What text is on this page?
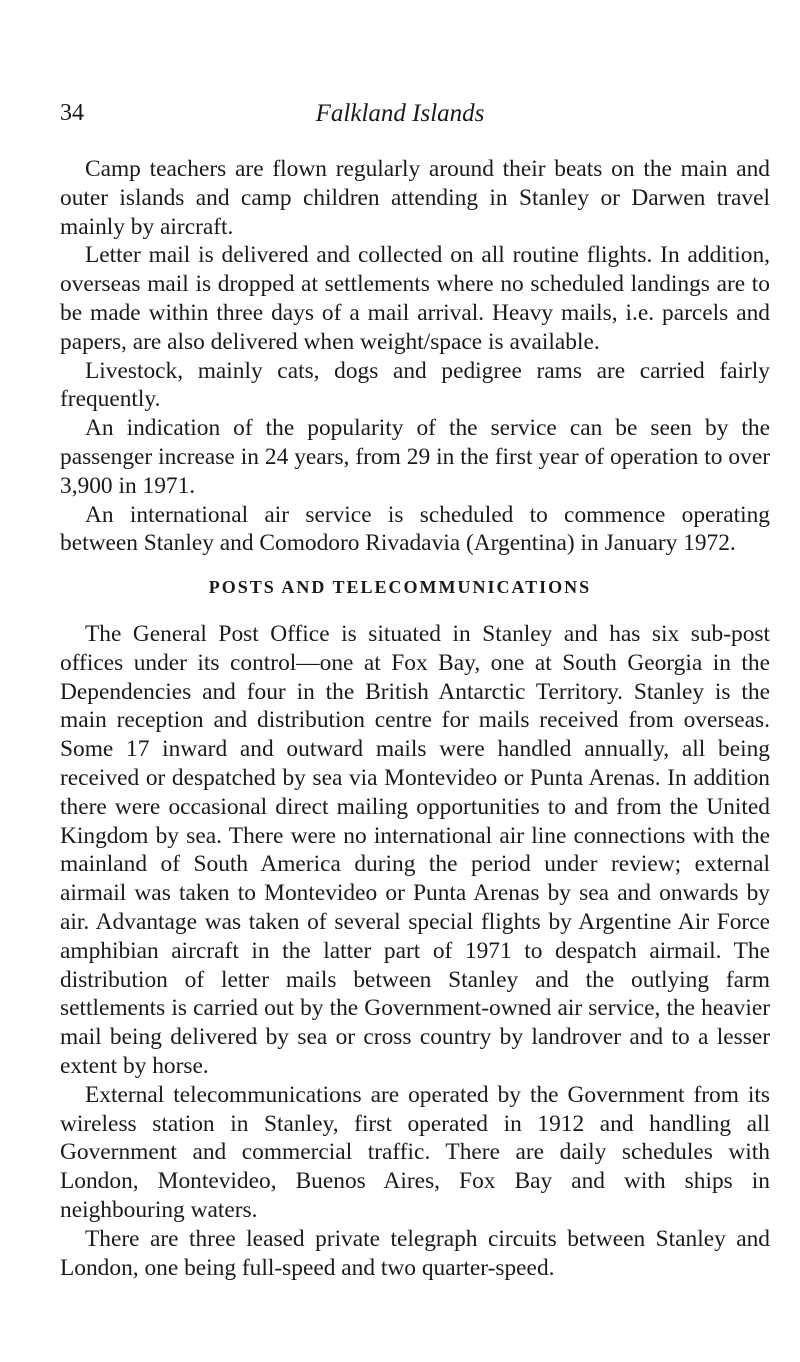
34	Falkland Islands

Camp teachers are flown regularly around their beats on the main and outer islands and camp children attending in Stanley or Darwen travel mainly by aircraft.

Letter mail is delivered and collected on all routine flights. In addition, overseas mail is dropped at settlements where no scheduled landings are to be made within three days of a mail arrival. Heavy mails, i.e. parcels and papers, are also delivered when weight/space is available.

Livestock, mainly cats, dogs and pedigree rams are carried fairly frequently.

An indication of the popularity of the service can be seen by the passenger increase in 24 years, from 29 in the first year of operation to over 3,900 in 1971.

An international air service is scheduled to commence operating between Stanley and Comodoro Rivadavia (Argentina) in January 1972.

POSTS AND TELECOMMUNICATIONS

The General Post Office is situated in Stanley and has six sub-post offices under its control—one at Fox Bay, one at South Georgia in the Dependencies and four in the British Antarctic Territory. Stanley is the main reception and distribution centre for mails received from overseas. Some 17 inward and outward mails were handled annually, all being received or despatched by sea via Montevideo or Punta Arenas. In addition there were occasional direct mailing opportunities to and from the United Kingdom by sea. There were no international air line connections with the mainland of South America during the period under review; external airmail was taken to Montevideo or Punta Arenas by sea and onwards by air. Advantage was taken of several special flights by Argentine Air Force amphibian aircraft in the latter part of 1971 to despatch airmail. The distribution of letter mails between Stanley and the outlying farm settlements is carried out by the Government-owned air service, the heavier mail being delivered by sea or cross country by landrover and to a lesser extent by horse.

External telecommunications are operated by the Government from its wireless station in Stanley, first operated in 1912 and handling all Government and commercial traffic. There are daily schedules with London, Montevideo, Buenos Aires, Fox Bay and with ships in neighbouring waters.

There are three leased private telegraph circuits between Stanley and London, one being full-speed and two quarter-speed.
